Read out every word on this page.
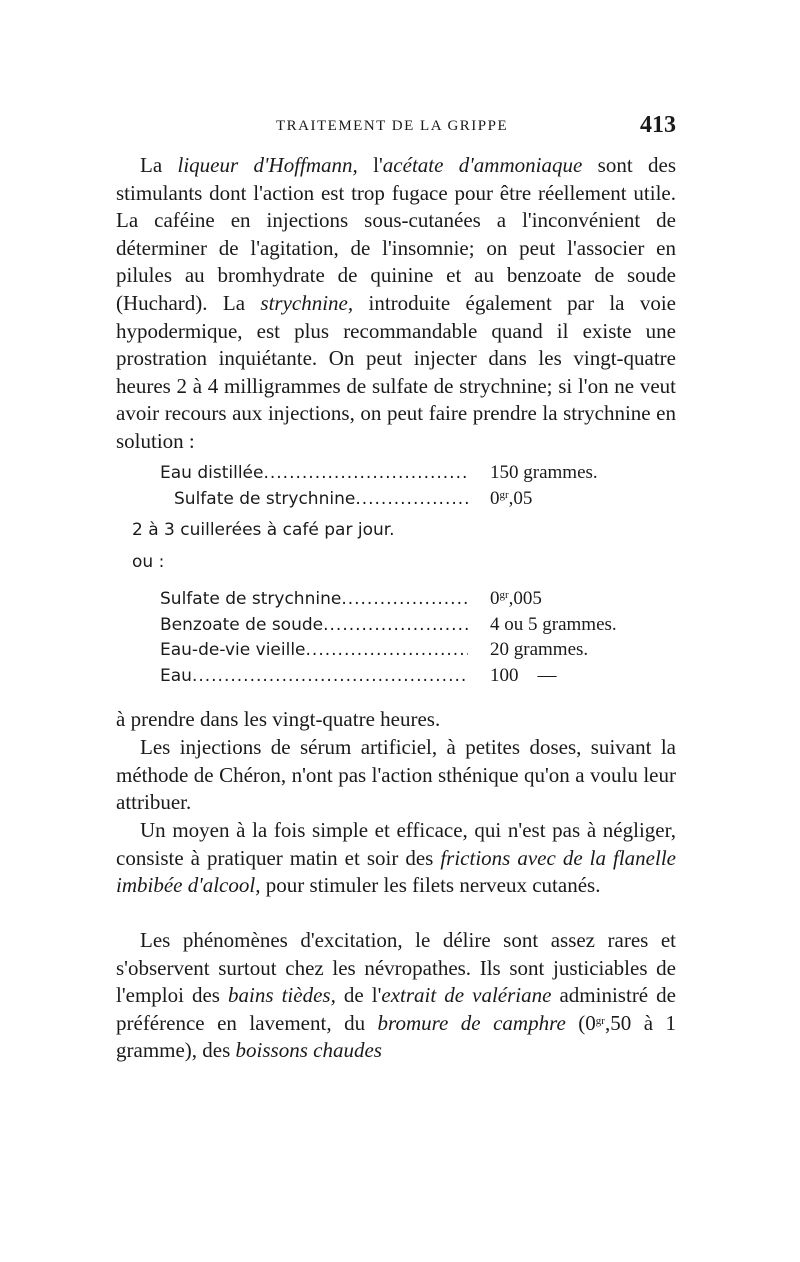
TRAITEMENT DE LA GRIPPE	413

La liqueur d'Hoffmann, l'acétate d'ammoniaque sont des stimulants dont l'action est trop fugace pour être réellement utile. La caféine en injections sous-cutanées a l'inconvénient de déterminer de l'agitation, de l'insomnie; on peut l'associer en pilules au bromhydrate de quinine et au benzoate de soude (Huchard). La strychnine, introduite également par la voie hypodermique, est plus recommandable quand il existe une prostration inquiétante. On peut injecter dans les vingt-quatre heures 2 à 4 milligrammes de sulfate de strychnine; si l'on ne veut avoir recours aux injections, on peut faire prendre la strychnine en solution :

Eau distillée .....	150 grammes.
Sulfate de strychnine .....	$0^{gr},05$
2 à 3 cuillerées à café par jour.
ou :
Sulfate de strychnine .....	$0^{gr},005$
Benzoate de soude .....	4 ou 5 grammes.
Eau-de-vie vieille .....	20 grammes.
Eau .....	100    —

à prendre dans les vingt-quatre heures.

Les injections de sérum artificiel, à petites doses, suivant la méthode de Chéron, n'ont pas l'action sthénique qu'on a voulu leur attribuer.

Un moyen à la fois simple et efficace, qui n'est pas à négliger, consiste à pratiquer matin et soir des frictions avec de la flanelle imbibée d'alcool, pour stimuler les filets nerveux cutanés.

Les phénomènes d'excitation, le délire sont assez rares et s'observent surtout chez les névropathes. Ils sont justiciables de l'emploi des bains tièdes, de l'extrait de valériane administré de préférence en lavement, du bromure de camphre ($0^{gr},50$ à 1 gramme), des boissons chaudes
